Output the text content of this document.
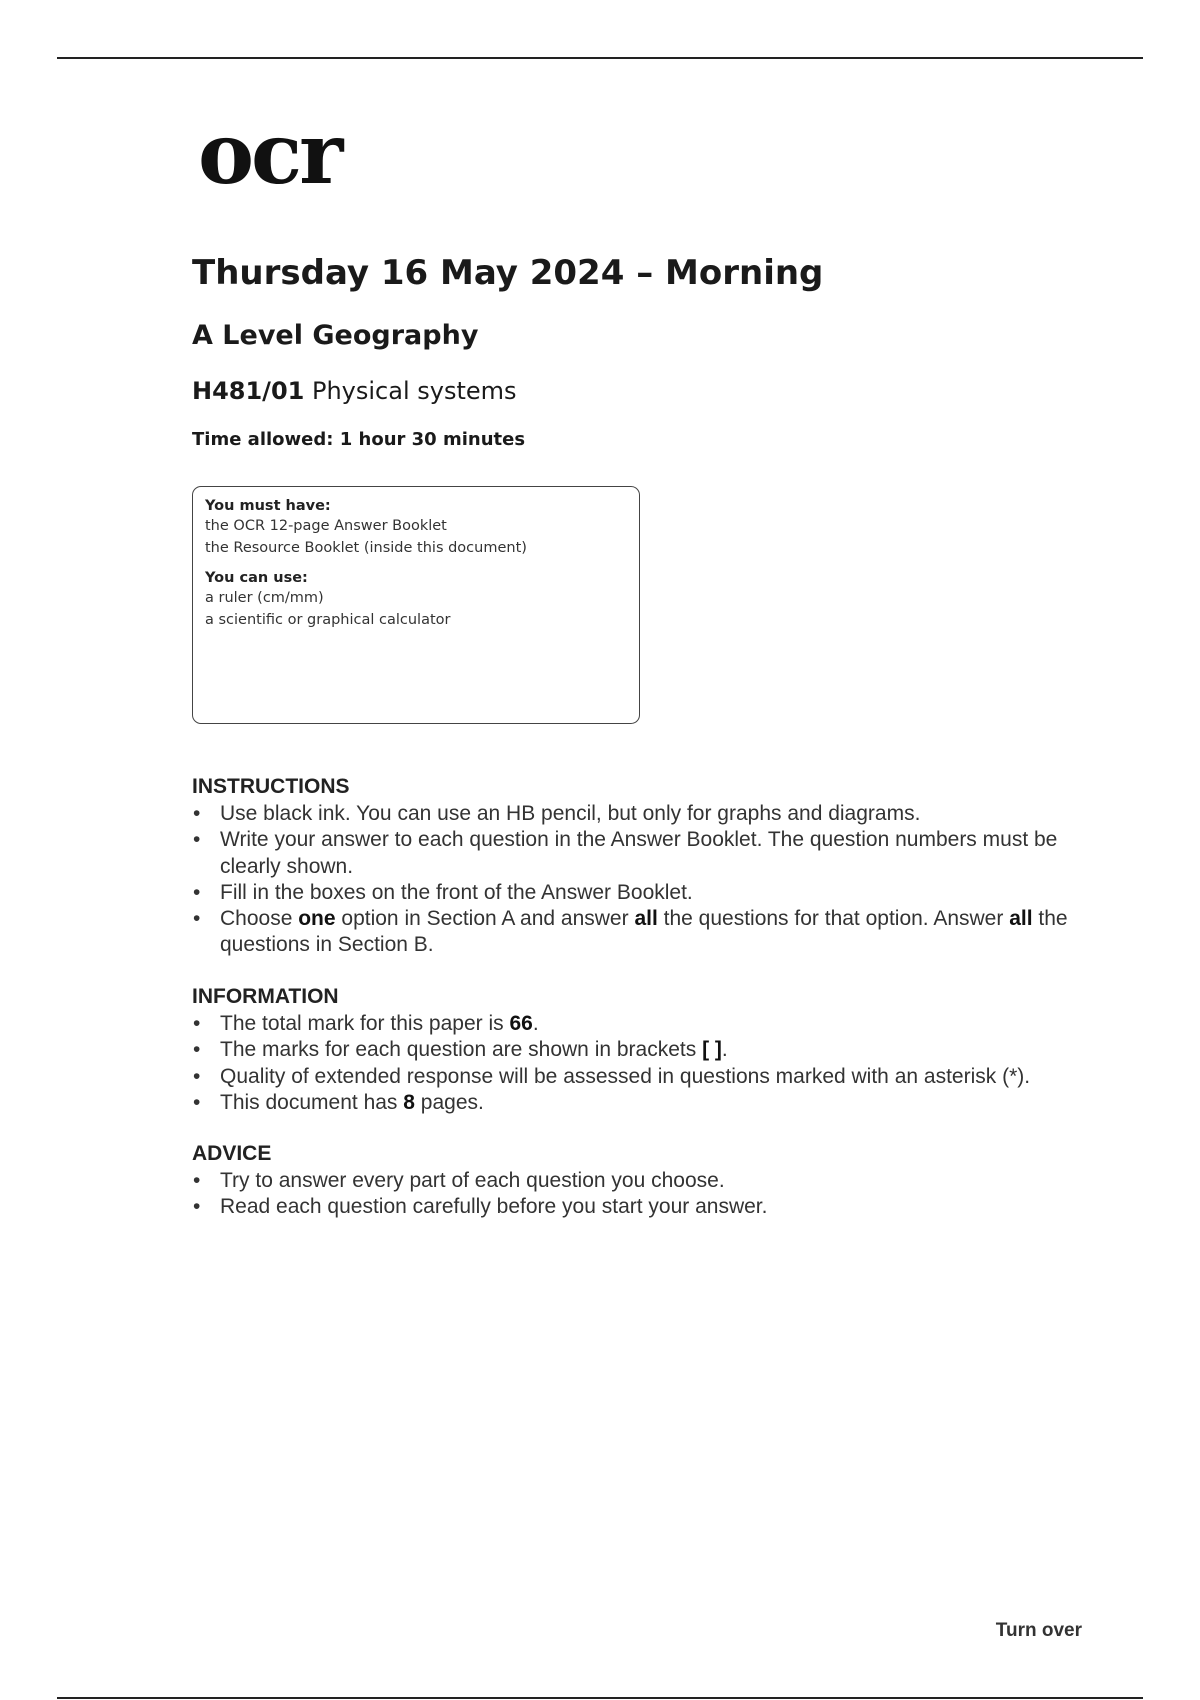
ocr
Thursday 16 May 2024 – Morning
A Level Geography
H481/01 Physical systems
Time allowed: 1 hour 30 minutes
You must have:
the OCR 12-page Answer Booklet
the Resource Booklet (inside this document)
You can use:
a ruler (cm/mm)
a scientific or graphical calculator
INSTRUCTIONS
• Use black ink. You can use an HB pencil, but only for graphs and diagrams.
• Write your answer to each question in the Answer Booklet. The question numbers must be clearly shown.
• Fill in the boxes on the front of the Answer Booklet.
• Choose one option in Section A and answer all the questions for that option. Answer all the questions in Section B.
INFORMATION
• The total mark for this paper is 66.
• The marks for each question are shown in brackets [ ].
• Quality of extended response will be assessed in questions marked with an asterisk (*).
• This document has 8 pages.
ADVICE
• Try to answer every part of each question you choose.
• Read each question carefully before you start your answer.
Turn over
